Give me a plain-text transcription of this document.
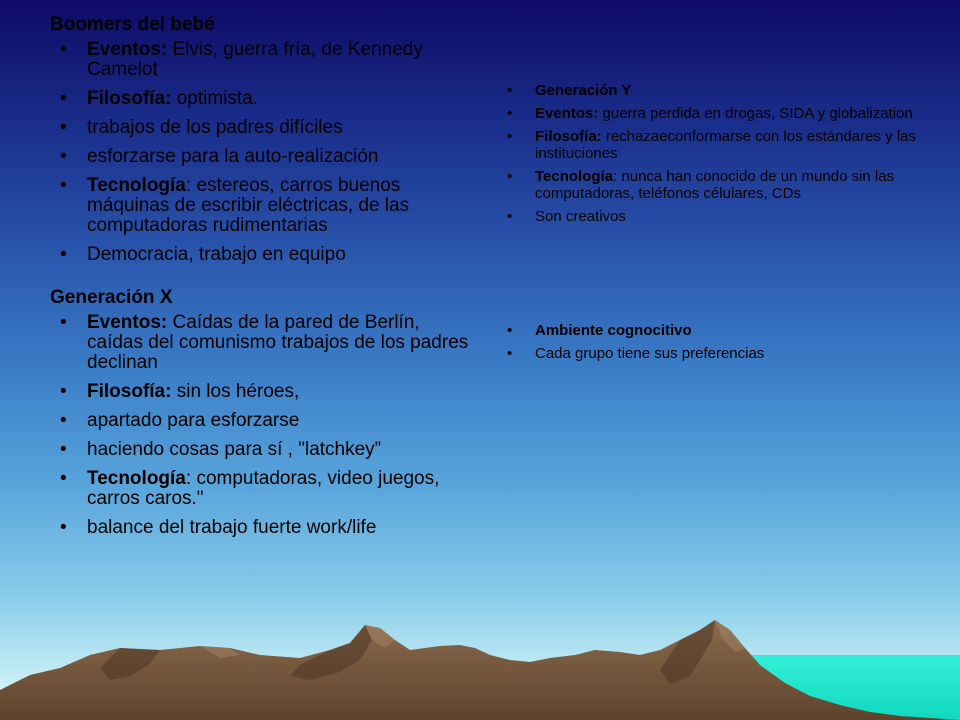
Boomers del bebé
• Eventos: Elvis, guerra fría, de Kennedy Camelot
• Filosofía: optimista.
• trabajos de los padres difíciles
• esforzarse para la auto-realización
• Tecnología: estereos, carros buenos máquinas de escribir eléctricas, de las computadoras rudimentarias
• Democracia, trabajo en equipo
Generación X
• Eventos: Caídas de la pared de Berlín, caídas del comunismo trabajos de los padres declinan
• Filosofía: sin los héroes,
• apartado para esforzarse
• haciendo cosas para sí , "latchkey”
• Tecnología: computadoras, video juegos, carros caros."
• balance del trabajo fuerte work/life
• Generación Y
• Eventos: guerra perdida en drogas, SIDA y globalization
• Filosofía: rechazaeconformarse con los estándares y las instituciones
• Tecnología: nunca han conocido de un mundo sin las computadoras, teléfonos célulares, CDs
• Son creativos
• Ambiente cognocitivo
• Cada grupo tiene sus preferencias
